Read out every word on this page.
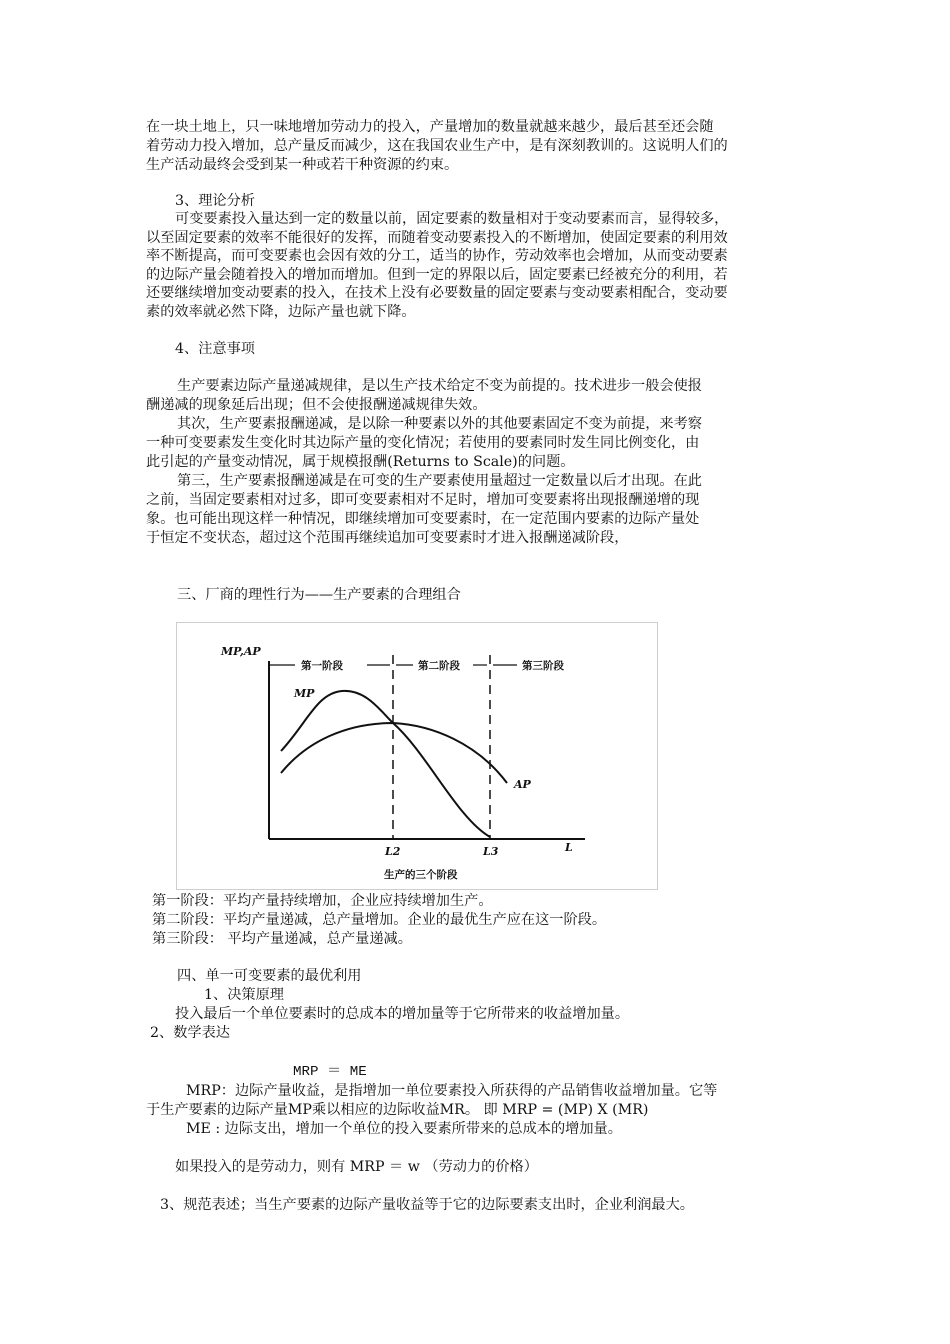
在一块土地上，只一味地增加劳动力的投入，产量增加的数量就越来越少，最后甚至还会随
着劳动力投入增加，总产量反而减少，这在我国农业生产中，是有深刻教训的。这说明人们的
生产活动最终会受到某一种或若干种资源的约束。
3、理论分析
可变要素投入量达到一定的数量以前，固定要素的数量相对于变动要素而言，显得较多，
以至固定要素的效率不能很好的发挥，而随着变动要素投入的不断增加，使固定要素的利用效
率不断提高，而可变要素也会因有效的分工，适当的协作，劳动效率也会增加，从而变动要素
的边际产量会随着投入的增加而增加。但到一定的界限以后，固定要素已经被充分的利用，若
还要继续增加变动要素的投入，在技术上没有必要数量的固定要素与变动要素相配合，变动要
素的效率就必然下降，边际产量也就下降。
4、注意事项
生产要素边际产量递减规律，是以生产技术给定不变为前提的。技术进步一般会使报
酬递减的现象延后出现；但不会使报酬递减规律失效。
其次，生产要素报酬递减，是以除一种要素以外的其他要素固定不变为前提，来考察
一种可变要素发生变化时其边际产量的变化情况；若使用的要素同时发生同比例变化，由
此引起的产量变动情况，属于规模报酬(Returns to Scale)的问题。
第三，生产要素报酬递减是在可变的生产要素使用量超过一定数量以后才出现。在此
之前，当固定要素相对过多，即可变要素相对不足时，增加可变要素将出现报酬递增的现
象。也可能出现这样一种情况，即继续增加可变要素时，在一定范围内要素的边际产量处
于恒定不变状态，超过这个范围再继续追加可变要素时才进入报酬递减阶段，
三、厂商的理性行为——生产要素的合理组合
MP,AP
L
第一阶段	第二阶段	第三阶段
MP
AP
L2	L3
生产的三个阶段
第一阶段：平均产量持续增加，企业应持续增加生产。
第二阶段：平均产量递减，总产量增加。企业的最优生产应在这一阶段。
第三阶段： 平均产量递减，总产量递减。
四、单一可变要素的最优利用
1、决策原理
投入最后一个单位要素时的总成本的增加量等于它所带来的收益增加量。
2、数学表达
MRP ＝ ME
MRP：边际产量收益，是指增加一单位要素投入所获得的产品销售收益增加量。它等
于生产要素的边际产量MP乘以相应的边际收益MR。 即 MRP = (MP) X (MR)
ME : 边际支出，增加一个单位的投入要素所带来的总成本的增加量。
如果投入的是劳动力，则有 MRP ＝ w （劳动力的价格）
3、规范表述；当生产要素的边际产量收益等于它的边际要素支出时，企业利润最大。
